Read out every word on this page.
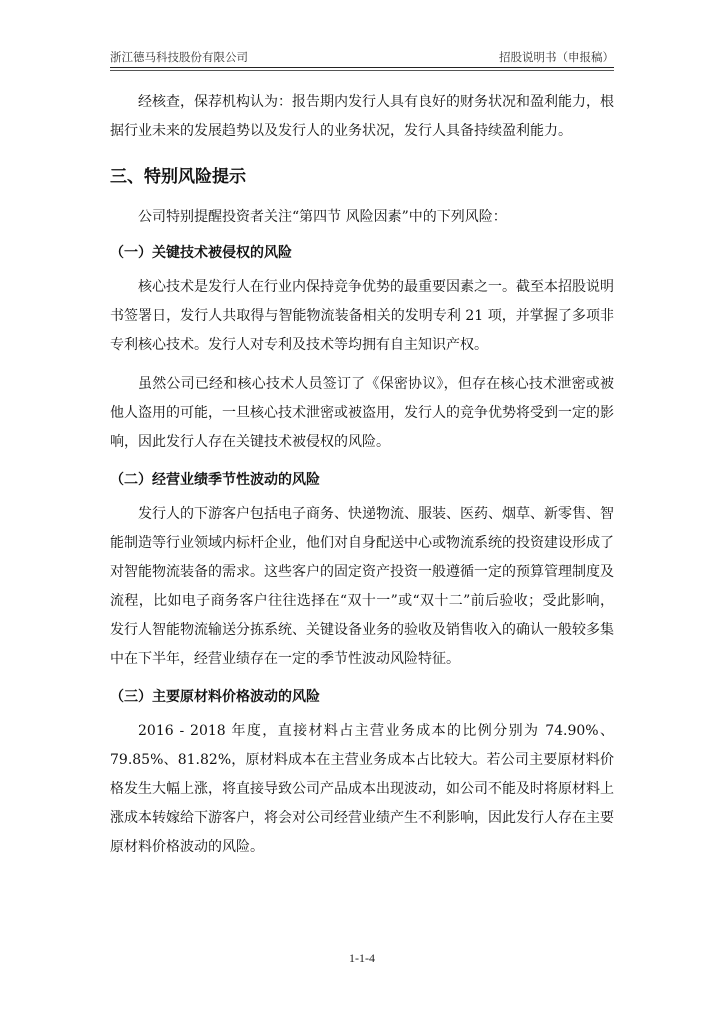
浙江德马科技股份有限公司	招股说明书（申报稿）

经核查，保荐机构认为：报告期内发行人具有良好的财务状况和盈利能力，根据行业未来的发展趋势以及发行人的业务状况，发行人具备持续盈利能力。

三、特别风险提示

公司特别提醒投资者关注“第四节 风险因素”中的下列风险：

（一）关键技术被侵权的风险

核心技术是发行人在行业内保持竞争优势的最重要因素之一。截至本招股说明书签署日，发行人共取得与智能物流装备相关的发明专利 21 项，并掌握了多项非专利核心技术。发行人对专利及技术等均拥有自主知识产权。

虽然公司已经和核心技术人员签订了《保密协议》，但存在核心技术泄密或被他人盗用的可能，一旦核心技术泄密或被盗用，发行人的竞争优势将受到一定的影响，因此发行人存在关键技术被侵权的风险。

（二）经营业绩季节性波动的风险

发行人的下游客户包括电子商务、快递物流、服装、医药、烟草、新零售、智能制造等行业领域内标杆企业，他们对自身配送中心或物流系统的投资建设形成了对智能物流装备的需求。这些客户的固定资产投资一般遵循一定的预算管理制度及流程，比如电子商务客户往往选择在“双十一”或“双十二”前后验收；受此影响，发行人智能物流输送分拣系统、关键设备业务的验收及销售收入的确认一般较多集中在下半年，经营业绩存在一定的季节性波动风险特征。

（三）主要原材料价格波动的风险

2016 - 2018 年度，直接材料占主营业务成本的比例分别为 74.90%、79.85%、81.82%，原材料成本在主营业务成本占比较大。若公司主要原材料价格发生大幅上涨，将直接导致公司产品成本出现波动，如公司不能及时将原材料上涨成本转嫁给下游客户，将会对公司经营业绩产生不利影响，因此发行人存在主要原材料价格波动的风险。

1-1-4
